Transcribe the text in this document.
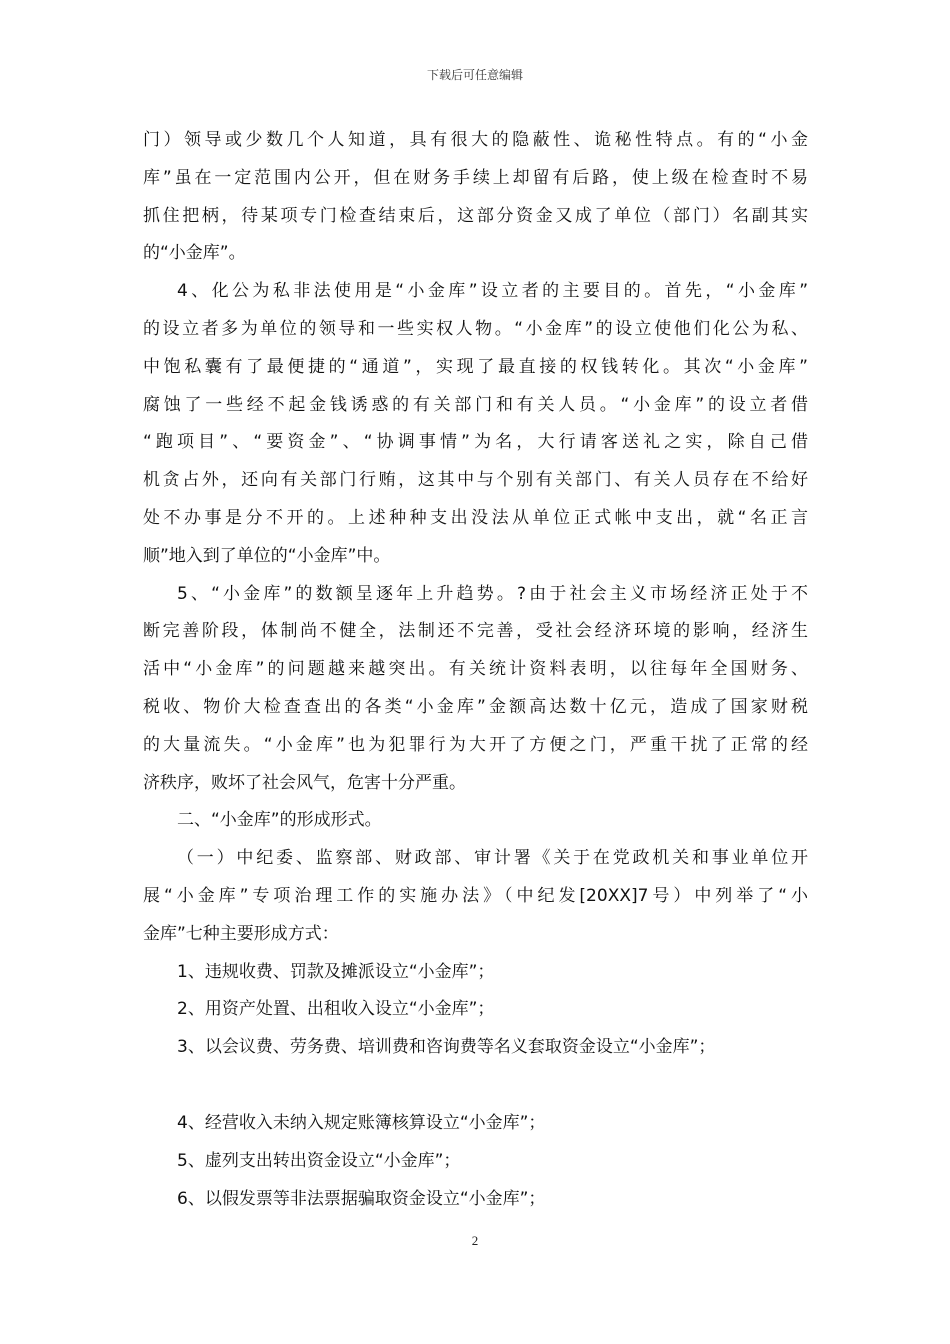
下载后可任意编辑
门）领导或少数几个人知道，具有很大的隐蔽性、诡秘性特点。有的“小金
库”虽在一定范围内公开，但在财务手续上却留有后路，使上级在检查时不易
抓住把柄，待某项专门检查结束后，这部分资金又成了单位（部门）名副其实
的“小金库”。
4、化公为私非法使用是“小金库”设立者的主要目的。首先，“小金库”
的设立者多为单位的领导和一些实权人物。“小金库”的设立使他们化公为私、
中饱私囊有了最便捷的“通道”，实现了最直接的权钱转化。其次“小金库”
腐蚀了一些经不起金钱诱惑的有关部门和有关人员。“小金库”的设立者借
“跑项目”、“要资金”、“协调事情”为名，大行请客送礼之实，除自己借
机贪占外，还向有关部门行贿，这其中与个别有关部门、有关人员存在不给好
处不办事是分不开的。上述种种支出没法从单位正式帐中支出，就“名正言
顺”地入到了单位的“小金库”中。
5、“小金库”的数额呈逐年上升趋势。?由于社会主义市场经济正处于不
断完善阶段，体制尚不健全，法制还不完善，受社会经济环境的影响，经济生
活中“小金库”的问题越来越突出。有关统计资料表明，以往每年全国财务、
税收、物价大检查查出的各类“小金库”金额高达数十亿元，造成了国家财税
的大量流失。“小金库”也为犯罪行为大开了方便之门，严重干扰了正常的经
济秩序，败坏了社会风气，危害十分严重。
二、“小金库”的形成形式。
（一）中纪委、监察部、财政部、审计署《关于在党政机关和事业单位开
展“小金库”专项治理工作的实施办法》（中纪发[20XX]7号）中列举了“小
金库”七种主要形成方式：
1、违规收费、罚款及摊派设立“小金库”；
2、用资产处置、出租收入设立“小金库”；
3、以会议费、劳务费、培训费和咨询费等名义套取资金设立“小金库”；
4、经营收入未纳入规定账簿核算设立“小金库”；
5、虚列支出转出资金设立“小金库”；
6、以假发票等非法票据骗取资金设立“小金库”；
2
